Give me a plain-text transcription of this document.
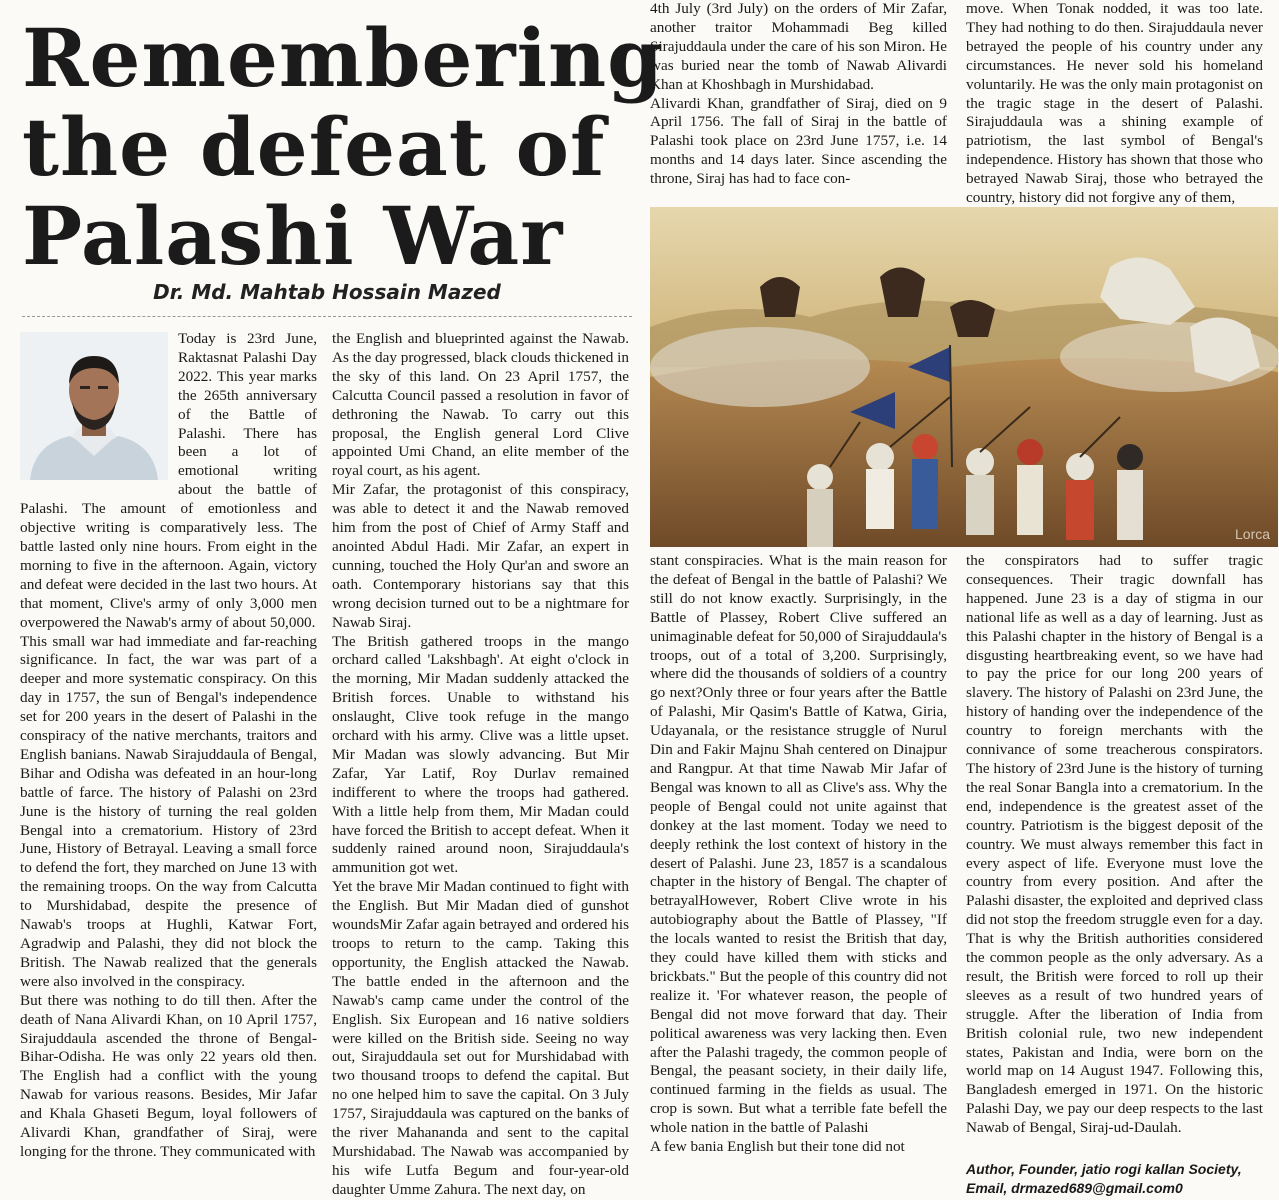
Remembering
the defeat of
Palashi War
Dr. Md. Mahtab Hossain Mazed

Today is 23rd June, Raktasnat Palashi Day 2022. This year marks the 265th anniversary of the Battle of Palashi. There has been a lot of emotional writing about the battle of Palashi. The amount of emotionless and objective writing is comparatively less. The battle lasted only nine hours. From eight in the morning to five in the afternoon. Again, victory and defeat were decided in the last two hours. At that moment, Clive's army of only 3,000 men overpowered the Nawab's army of about 50,000.

This small war had immediate and far-reaching significance. In fact, the war was part of a deeper and more systematic conspiracy. On this day in 1757, the sun of Bengal's independence set for 200 years in the desert of Palashi in the conspiracy of the native merchants, traitors and English banians. Nawab Sirajuddaula of Bengal, Bihar and Odisha was defeated in an hour-long battle of farce. The history of Palashi on 23rd June is the history of turning the real golden Bengal into a crematorium. History of 23rd June, History of Betrayal. Leaving a small force to defend the fort, they marched on June 13 with the remaining troops. On the way from Calcutta to Murshidabad, despite the presence of Nawab's troops at Hughli, Katwar Fort, Agradwip and Palashi, they did not block the British. The Nawab realized that the generals were also involved in the conspiracy.

But there was nothing to do till then. After the death of Nana Alivardi Khan, on 10 April 1757, Sirajuddaula ascended the throne of Bengal-Bihar-Odisha. He was only 22 years old then. The English had a conflict with the young Nawab for various reasons. Besides, Mir Jafar and Khala Ghaseti Begum, loyal followers of Alivardi Khan, grandfather of Siraj, were longing for the throne. They communicated with

the English and blueprinted against the Nawab. As the day progressed, black clouds thickened in the sky of this land. On 23 April 1757, the Calcutta Council passed a resolution in favor of dethroning the Nawab. To carry out this proposal, the English general Lord Clive appointed Umi Chand, an elite member of the royal court, as his agent.

Mir Zafar, the protagonist of this conspiracy, was able to detect it and the Nawab removed him from the post of Chief of Army Staff and anointed Abdul Hadi. Mir Zafar, an expert in cunning, touched the Holy Qur'an and swore an oath. Contemporary historians say that this wrong decision turned out to be a nightmare for Nawab Siraj.

The British gathered troops in the mango orchard called 'Lakshbagh'. At eight o'clock in the morning, Mir Madan suddenly attacked the British forces. Unable to withstand his onslaught, Clive took refuge in the mango orchard with his army. Clive was a little upset. Mir Madan was slowly advancing. But Mir Zafar, Yar Latif, Roy Durlav remained indifferent to where the troops had gathered. With a little help from them, Mir Madan could have forced the British to accept defeat. When it suddenly rained around noon, Sirajuddaula's ammunition got wet.

Yet the brave Mir Madan continued to fight with the English. But Mir Madan died of gunshot woundsMir Zafar again betrayed and ordered his troops to return to the camp. Taking this opportunity, the English attacked the Nawab. The battle ended in the afternoon and the Nawab's camp came under the control of the English. Six European and 16 native soldiers were killed on the British side. Seeing no way out, Sirajuddaula set out for Murshidabad with two thousand troops to defend the capital. But no one helped him to save the capital. On 3 July 1757, Sirajuddaula was captured on the banks of the river Mahananda and sent to the capital Murshidabad. The Nawab was accompanied by his wife Lutfa Begum and four-year-old daughter Umme Zahura. The next day, on

4th July (3rd July) on the orders of Mir Zafar, another traitor Mohammadi Beg killed Sirajuddaula under the care of his son Miron. He was buried near the tomb of Nawab Alivardi Khan at Khoshbagh in Murshidabad.

Alivardi Khan, grandfather of Siraj, died on 9 April 1756. The fall of Siraj in the battle of Palashi took place on 23rd June 1757, i.e. 14 months and 14 days later. Since ascending the throne, Siraj has had to face con-

move. When Tonak nodded, it was too late. They had nothing to do then. Sirajuddaula never betrayed the people of his country under any circumstances. He never sold his homeland voluntarily. He was the only main protagonist on the tragic stage in the desert of Palashi. Sirajuddaula was a shining example of patriotism, the last symbol of Bengal's independence. History has shown that those who betrayed Nawab Siraj, those who betrayed the country, history did not forgive any of them,

Lorca

stant conspiracies. What is the main reason for the defeat of Bengal in the battle of Palashi? We still do not know exactly. Surprisingly, in the Battle of Plassey, Robert Clive suffered an unimaginable defeat for 50,000 of Sirajuddaula's troops, out of a total of 3,200. Surprisingly, where did the thousands of soldiers of a country go next?Only three or four years after the Battle of Palashi, Mir Qasim's Battle of Katwa, Giria, Udayanala, or the resistance struggle of Nurul Din and Fakir Majnu Shah centered on Dinajpur and Rangpur. At that time Nawab Mir Jafar of Bengal was known to all as Clive's ass. Why the people of Bengal could not unite against that donkey at the last moment. Today we need to deeply rethink the lost context of history in the desert of Palashi. June 23, 1857 is a scandalous chapter in the history of Bengal. The chapter of betrayalHowever, Robert Clive wrote in his autobiography about the Battle of Plassey, "If the locals wanted to resist the British that day, they could have killed them with sticks and brickbats." But the people of this country did not realize it. 'For whatever reason, the people of Bengal did not move forward that day. Their political awareness was very lacking then. Even after the Palashi tragedy, the common people of Bengal, the peasant society, in their daily life, continued farming in the fields as usual. The crop is sown. But what a terrible fate befell the whole nation in the battle of Palashi

A few bania English but their tone did not

the conspirators had to suffer tragic consequences. Their tragic downfall has happened. June 23 is a day of stigma in our national life as well as a day of learning. Just as this Palashi chapter in the history of Bengal is a disgusting heartbreaking event, so we have had to pay the price for our long 200 years of slavery. The history of Palashi on 23rd June, the history of handing over the independence of the country to foreign merchants with the connivance of some treacherous conspirators. The history of 23rd June is the history of turning the real Sonar Bangla into a crematorium. In the end, independence is the greatest asset of the country. Patriotism is the biggest deposit of the country. We must always remember this fact in every aspect of life. Everyone must love the country from every position. And after the Palashi disaster, the exploited and deprived class did not stop the freedom struggle even for a day. That is why the British authorities considered the common people as the only adversary. As a result, the British were forced to roll up their sleeves as a result of two hundred years of struggle. After the liberation of India from British colonial rule, two new independent states, Pakistan and India, were born on the world map on 14 August 1947. Following this, Bangladesh emerged in 1971. On the historic Palashi Day, we pay our deep respects to the last Nawab of Bengal, Siraj-ud-Daulah.

Author, Founder, jatio rogi kallan Society,
Email, drmazed689@gmail.com0
